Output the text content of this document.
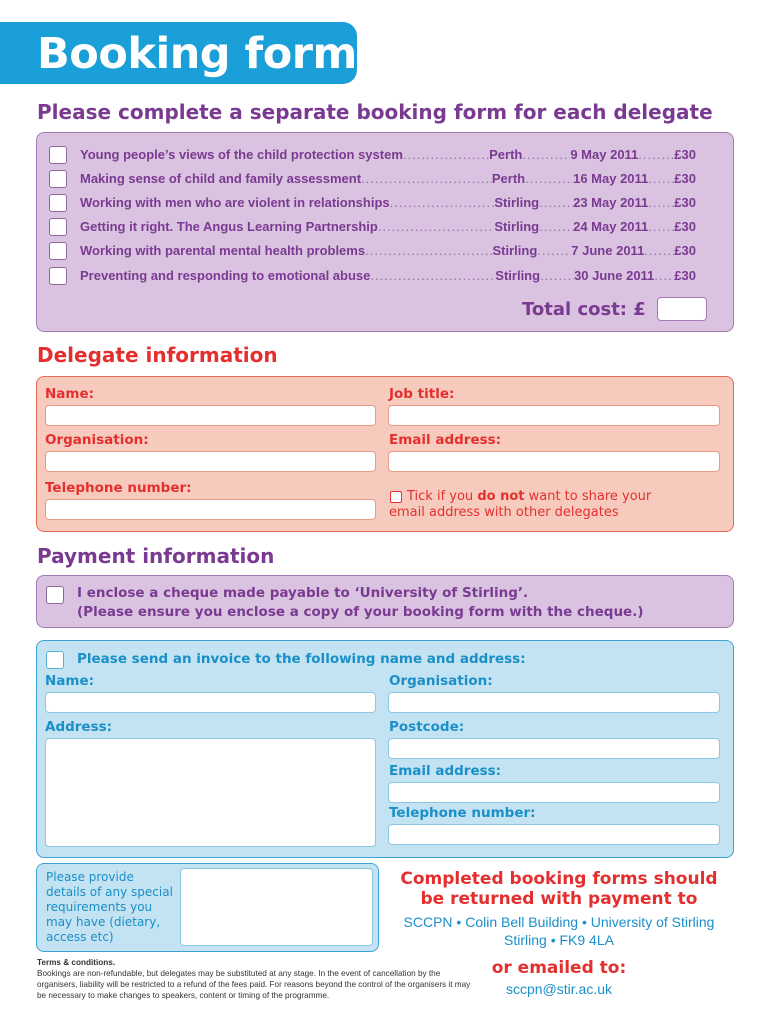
Booking form
Please complete a separate booking form for each delegate
Young people’s views of the child protection system .....	Perth .....	9 May 2011 .....	£30
Making sense of child and family assessment .....	Perth .....	16 May 2011 ..... £30
Working with men who are violent in relationships .....	Stirling .....	23 May 2011 ..... £30
Getting it right. The Angus Learning Partnership .....	Stirling .....	24 May 2011 ..... £30
Working with parental mental health problems .....	Stirling .....	7 June 2011 ..... £30
Preventing and responding to emotional abuse .....	Stirling .....	30 June 2011 ..... £30
Total cost: £
Delegate information
Name:	Job title:
Organisation:	Email address:
Telephone number:
Tick if you do not want to share your email address with other delegates
Payment information
I enclose a cheque made payable to ‘University of Stirling’.
(Please ensure you enclose a copy of your booking form with the cheque.)
Please send an invoice to the following name and address:
Name:	Organisation:
Address:	Postcode:
Email address:
Telephone number:
Please provide details of any special requirements you may have (dietary, access etc)
Completed booking forms should
be returned with payment to
SCCPN • Colin Bell Building • University of Stirling
Stirling • FK9 4LA
or emailed to:
sccpn@stir.ac.uk
Terms & conditions.
Bookings are non-refundable, but delegates may be substituted at any stage. In the event of cancellation by the organisers, liability will be restricted to a refund of the fees paid. For reasons beyond the control of the organisers it may be necessary to make changes to speakers, content or timing of the programme.
